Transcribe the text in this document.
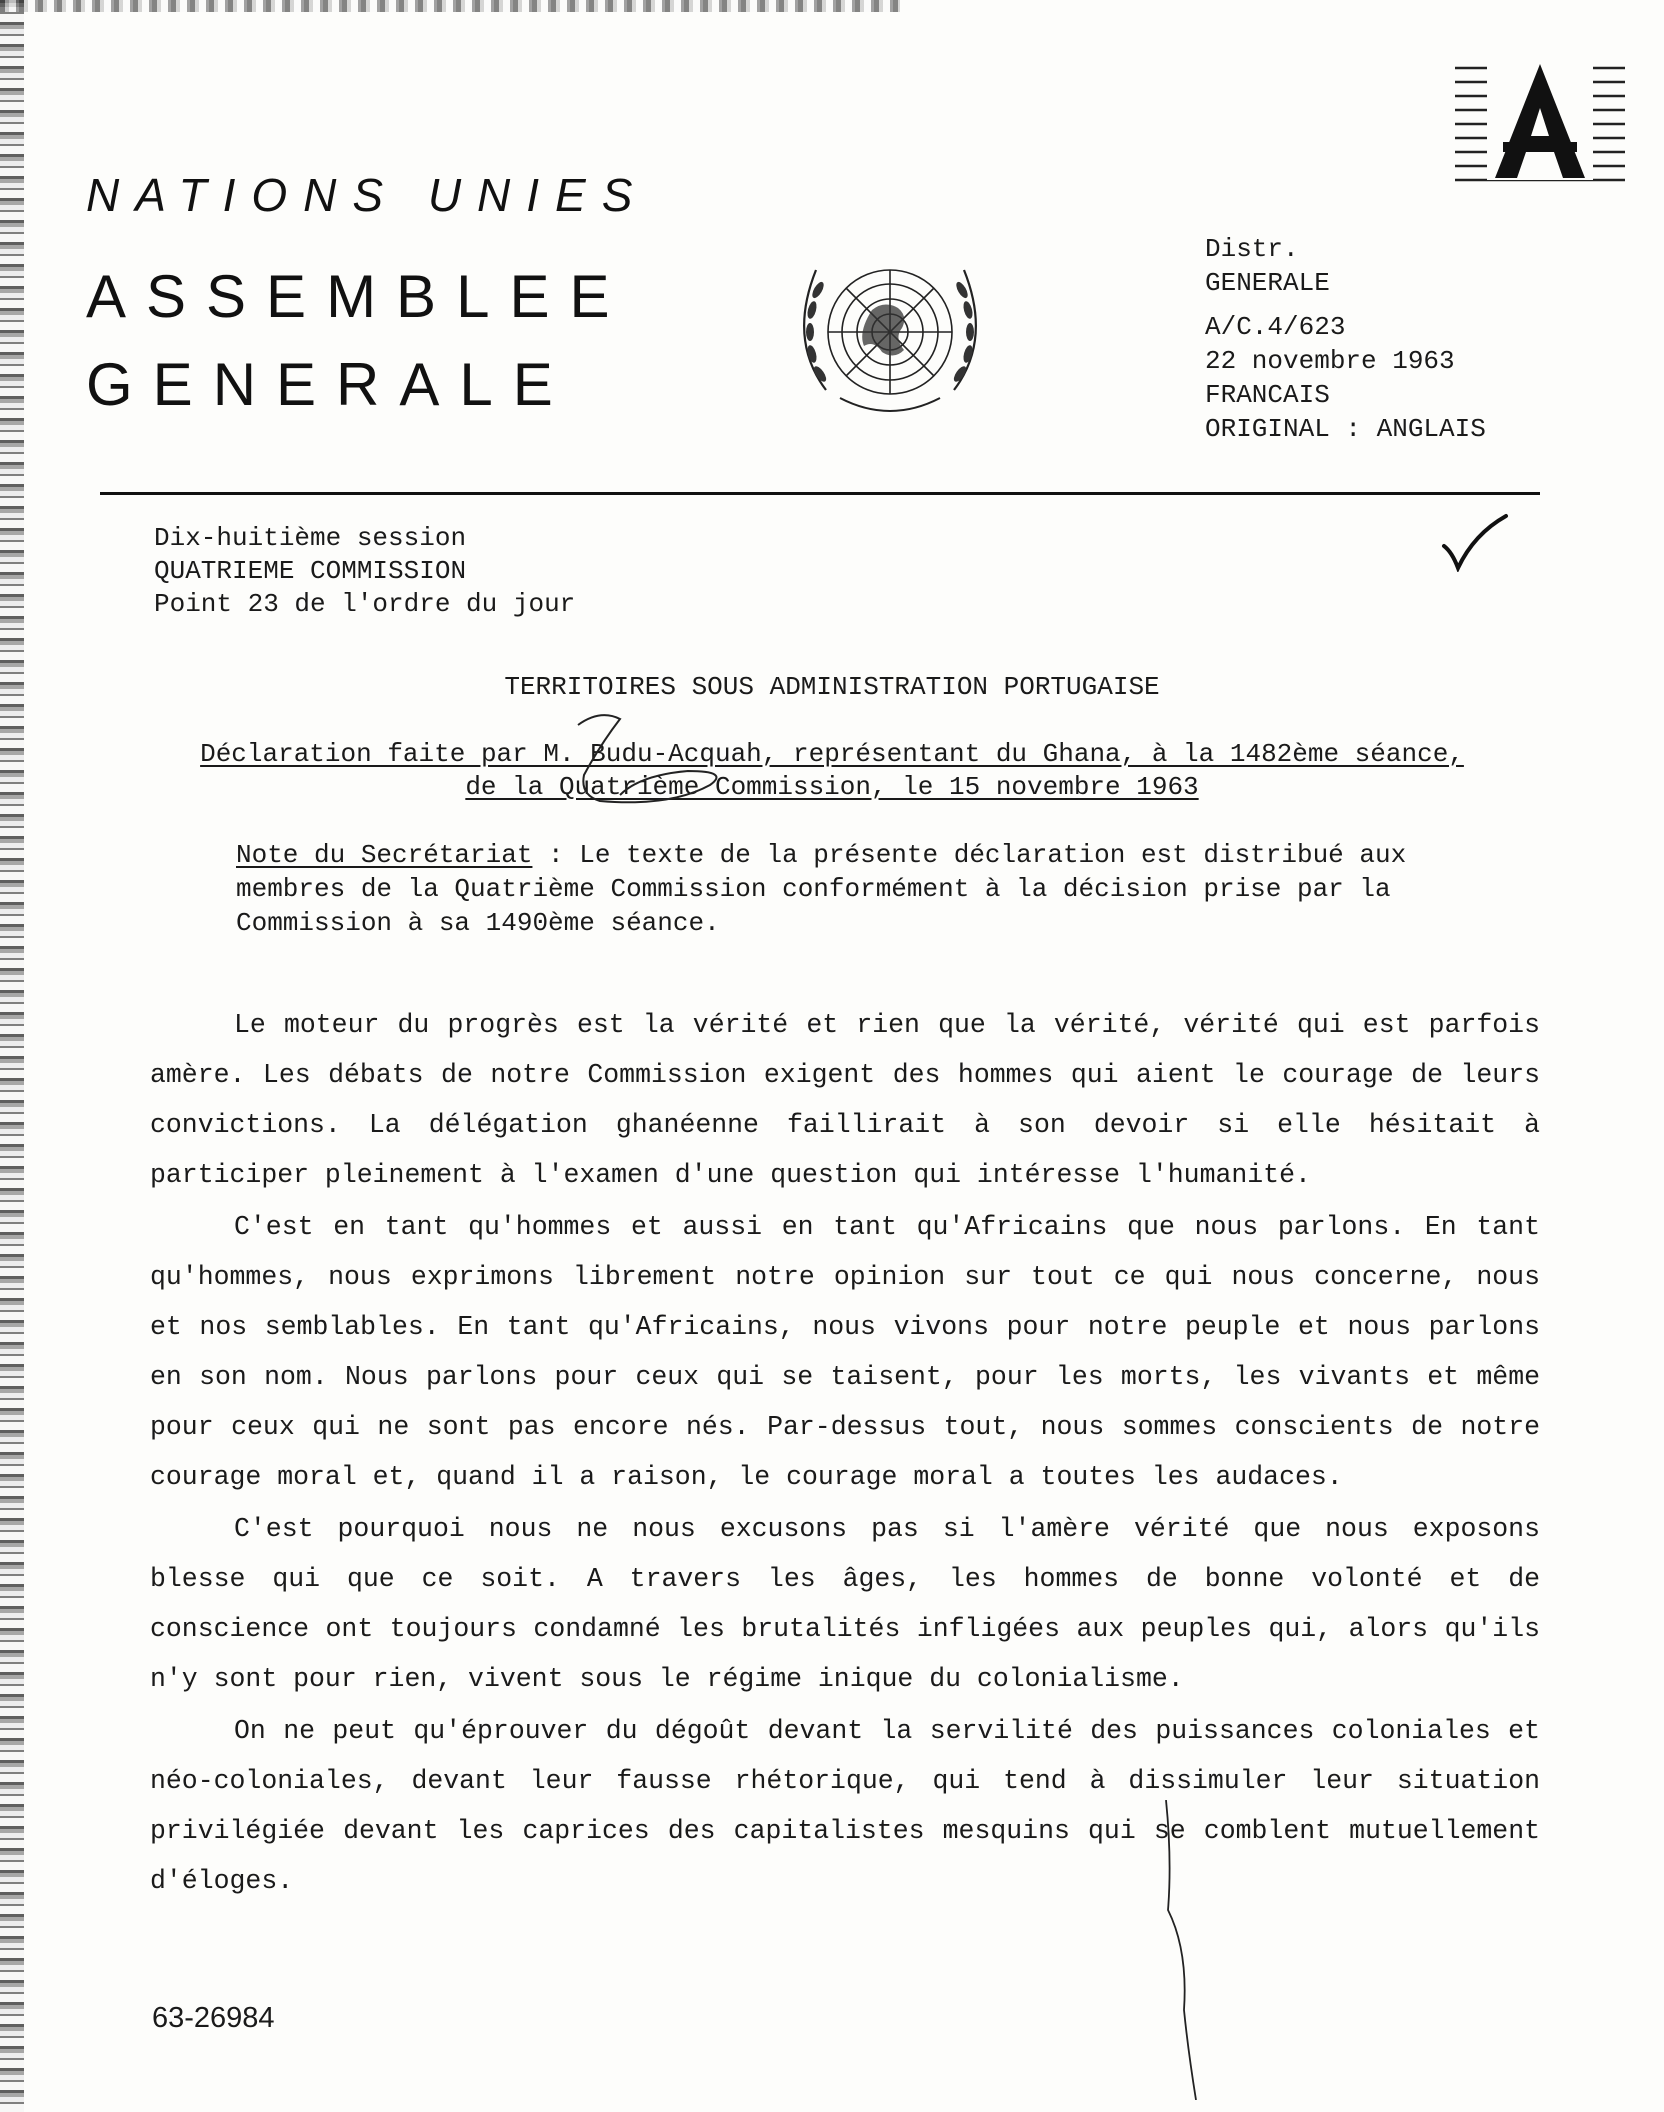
NATIONS UNIES
ASSEMBLEE
GENERALE
Distr.
GENERALE
A/C.4/623
22 novembre 1963
FRANCAIS
ORIGINAL : ANGLAIS
Dix-huitième session
QUATRIEME COMMISSION
Point 23 de l'ordre du jour
TERRITOIRES SOUS ADMINISTRATION PORTUGAISE
Déclaration faite par M. Budu-Acquah, représentant du Ghana, à la 1482ème séance,
de la Quatrième Commission, le 15 novembre 1963
Note du Secrétariat : Le texte de la présente déclaration est distribué aux membres de la Quatrième Commission conformément à la décision prise par la Commission à sa 1490ème séance.

Le moteur du progrès est la vérité et rien que la vérité, vérité qui est parfois amère. Les débats de notre Commission exigent des hommes qui aient le courage de leurs convictions. La délégation ghanéenne faillirait à son devoir si elle hésitait à participer pleinement à l'examen d'une question qui intéresse l'humanité.

C'est en tant qu'hommes et aussi en tant qu'Africains que nous parlons. En tant qu'hommes, nous exprimons librement notre opinion sur tout ce qui nous concerne, nous et nos semblables. En tant qu'Africains, nous vivons pour notre peuple et nous parlons en son nom. Nous parlons pour ceux qui se taisent, pour les morts, les vivants et même pour ceux qui ne sont pas encore nés. Par-dessus tout, nous sommes conscients de notre courage moral et, quand il a raison, le courage moral a toutes les audaces.

C'est pourquoi nous ne nous excusons pas si l'amère vérité que nous exposons blesse qui que ce soit. A travers les âges, les hommes de bonne volonté et de conscience ont toujours condamné les brutalités infligées aux peuples qui, alors qu'ils n'y sont pour rien, vivent sous le régime inique du colonialisme.

On ne peut qu'éprouver du dégoût devant la servilité des puissances coloniales et néo-coloniales, devant leur fausse rhétorique, qui tend à dissimuler leur situation privilégiée devant les caprices des capitalistes mesquins qui se comblent mutuellement d'éloges.

63-26984
